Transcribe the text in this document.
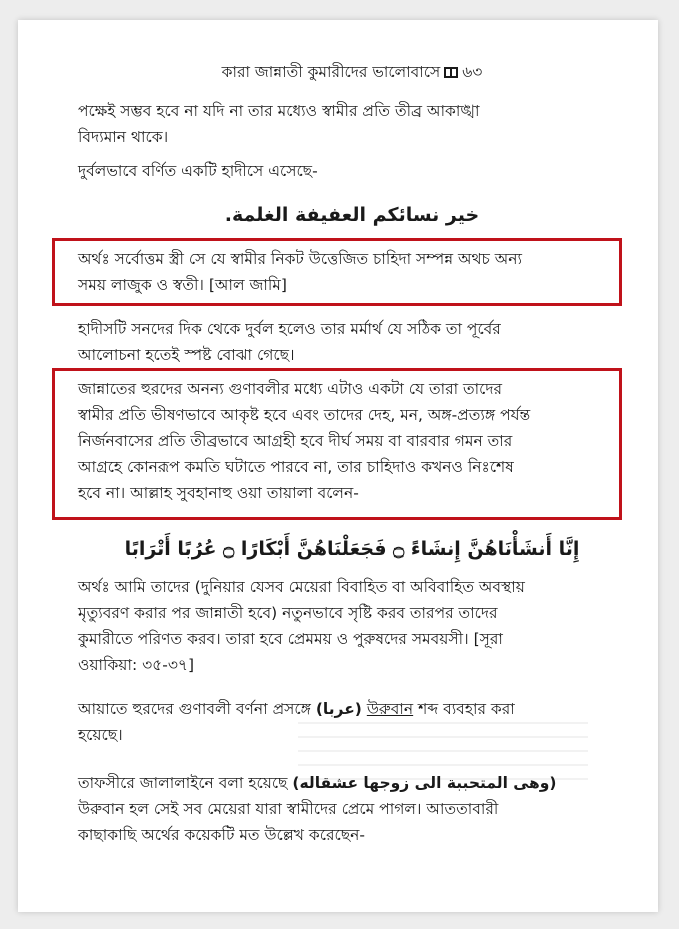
কারা জান্নাতী কুমারীদের ভালোবাসে ৬৩
পক্ষেই সম্ভব হবে না যদি না তার মধ্যেও স্বামীর প্রতি তীব্র আকাঙ্খা
বিদ্যমান থাকে।
দুর্বলভাবে বর্ণিত একটি হাদীসে এসেছে-
خير نسائكم العفيفة الغلمة.
অর্থঃ সর্বোত্তম স্ত্রী সে যে স্বামীর নিকট উত্তেজিত চাহিদা সম্পন্ন অথচ অন্য
সময় লাজুক ও স্বতী। [আল জামি]
হাদীসটি সনদের দিক থেকে দুর্বল হলেও তার মর্মার্থ যে সঠিক তা পূর্বের
আলোচনা হতেই স্পষ্ট বোঝা গেছে।
জান্নাতের হুরদের অনন্য গুণাবলীর মধ্যে এটাও একটা যে তারা তাদের
স্বামীর প্রতি ভীষণভাবে আকৃষ্ট হবে এবং তাদের দেহ, মন, অঙ্গ-প্রত্যঙ্গ পর্যন্ত
নির্জনবাসের প্রতি তীব্রভাবে আগ্রহী হবে দীর্ঘ সময় বা বারবার গমন তার
আগ্রহে কোনরূপ কমতি ঘটাতে পারবে না, তার চাহিদাও কখনও নিঃশেষ
হবে না। আল্লাহ সুবহানাহু ওয়া তায়ালা বলেন-
إِنَّا أَنشَأْنَاهُنَّ إِنشَاءً ۝ فَجَعَلْنَاهُنَّ أَبْكَارًا ۝ عُرُبًا أَتْرَابًا
অর্থঃ আমি তাদের (দুনিয়ার যেসব মেয়েরা বিবাহিত বা অবিবাহিত অবস্থায়
মৃত্যুবরণ করার পর জান্নাতী হবে) নতুনভাবে সৃষ্টি করব তারপর তাদের
কুমারীতে পরিণত করব। তারা হবে প্রেমময় ও পুরুষদের সমবয়সী। [সূরা
ওয়াকিয়া: ৩৫-৩৭]
আয়াতে হুরদের গুণাবলী বর্ণনা প্রসঙ্গে (عربا) উরুবান শব্দ ব্যবহার করা
হয়েছে।
তাফসীরে জালালাইনে বলা হয়েছে (وهى المتحببة الى زوجها عشقاله)
উরুবান হল সেই সব মেয়েরা যারা স্বামীদের প্রেমে পাগল। আততাবারী
কাছাকাছি অর্থের কয়েকটি মত উল্লেখ করেছেন-
